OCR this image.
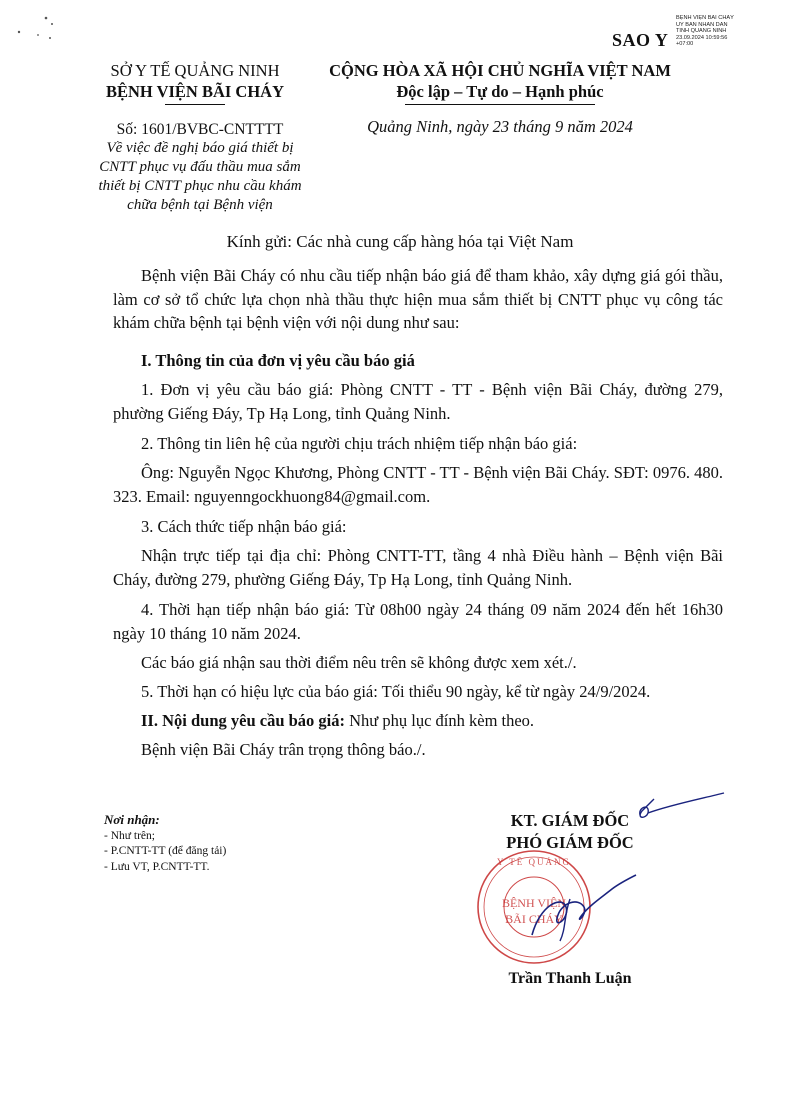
SAO Y
BỆNH VIỆN BÃI CHÁY
ỦY BAN NHÂN DÂN
TỈNH QUẢNG NINH
23.09.2024 10:59:56
+07:00
SỞ Y TẾ QUẢNG NINH
BỆNH VIỆN BÃI CHÁY
CỘNG HÒA XÃ HỘI CHỦ NGHĨA VIỆT NAM
Độc lập – Tự do – Hạnh phúc
Số: 1601/BVBC-CNTTTT
Về việc đề nghị báo giá thiết bị CNTT phục vụ đấu thầu mua sắm thiết bị CNTT phục nhu cầu khám chữa bệnh tại Bệnh viện
Quảng Ninh, ngày 23 tháng 9 năm 2024
Kính gửi: Các nhà cung cấp hàng hóa tại Việt Nam
Bệnh viện Bãi Cháy có nhu cầu tiếp nhận báo giá để tham khảo, xây dựng giá gói thầu, làm cơ sở tổ chức lựa chọn nhà thầu thực hiện mua sắm thiết bị CNTT phục vụ công tác khám chữa bệnh tại bệnh viện với nội dung như sau:
I. Thông tin của đơn vị yêu cầu báo giá
1. Đơn vị yêu cầu báo giá: Phòng CNTT - TT - Bệnh viện Bãi Cháy, đường 279, phường Giếng Đáy, Tp Hạ Long, tỉnh Quảng Ninh.
2. Thông tin liên hệ của người chịu trách nhiệm tiếp nhận báo giá:
Ông: Nguyễn Ngọc Khương, Phòng CNTT - TT - Bệnh viện Bãi Cháy. SĐT: 0976. 480. 323. Email: nguyenngockhuong84@gmail.com.
3. Cách thức tiếp nhận báo giá:
Nhận trực tiếp tại địa chỉ: Phòng CNTT-TT, tầng 4 nhà Điều hành – Bệnh viện Bãi Cháy, đường 279, phường Giếng Đáy, Tp Hạ Long, tỉnh Quảng Ninh.
4. Thời hạn tiếp nhận báo giá: Từ 08h00 ngày 24 tháng 09 năm 2024 đến hết 16h30 ngày 10 tháng 10 năm 2024.
Các báo giá nhận sau thời điểm nêu trên sẽ không được xem xét./.
5. Thời hạn có hiệu lực của báo giá: Tối thiểu 90 ngày, kể từ ngày 24/9/2024.
II. Nội dung yêu cầu báo giá: Như phụ lục đính kèm theo.
Bệnh viện Bãi Cháy trân trọng thông báo./.
Nơi nhận:
- Như trên;
- P.CNTT-TT (để đăng tải)
- Lưu VT, P.CNTT-TT.
KT. GIÁM ĐỐC
PHÓ GIÁM ĐỐC
Y TẾ QUẢNG
BỆNH VIỆN
BÃI CHÁY
Trần Thanh Luận
